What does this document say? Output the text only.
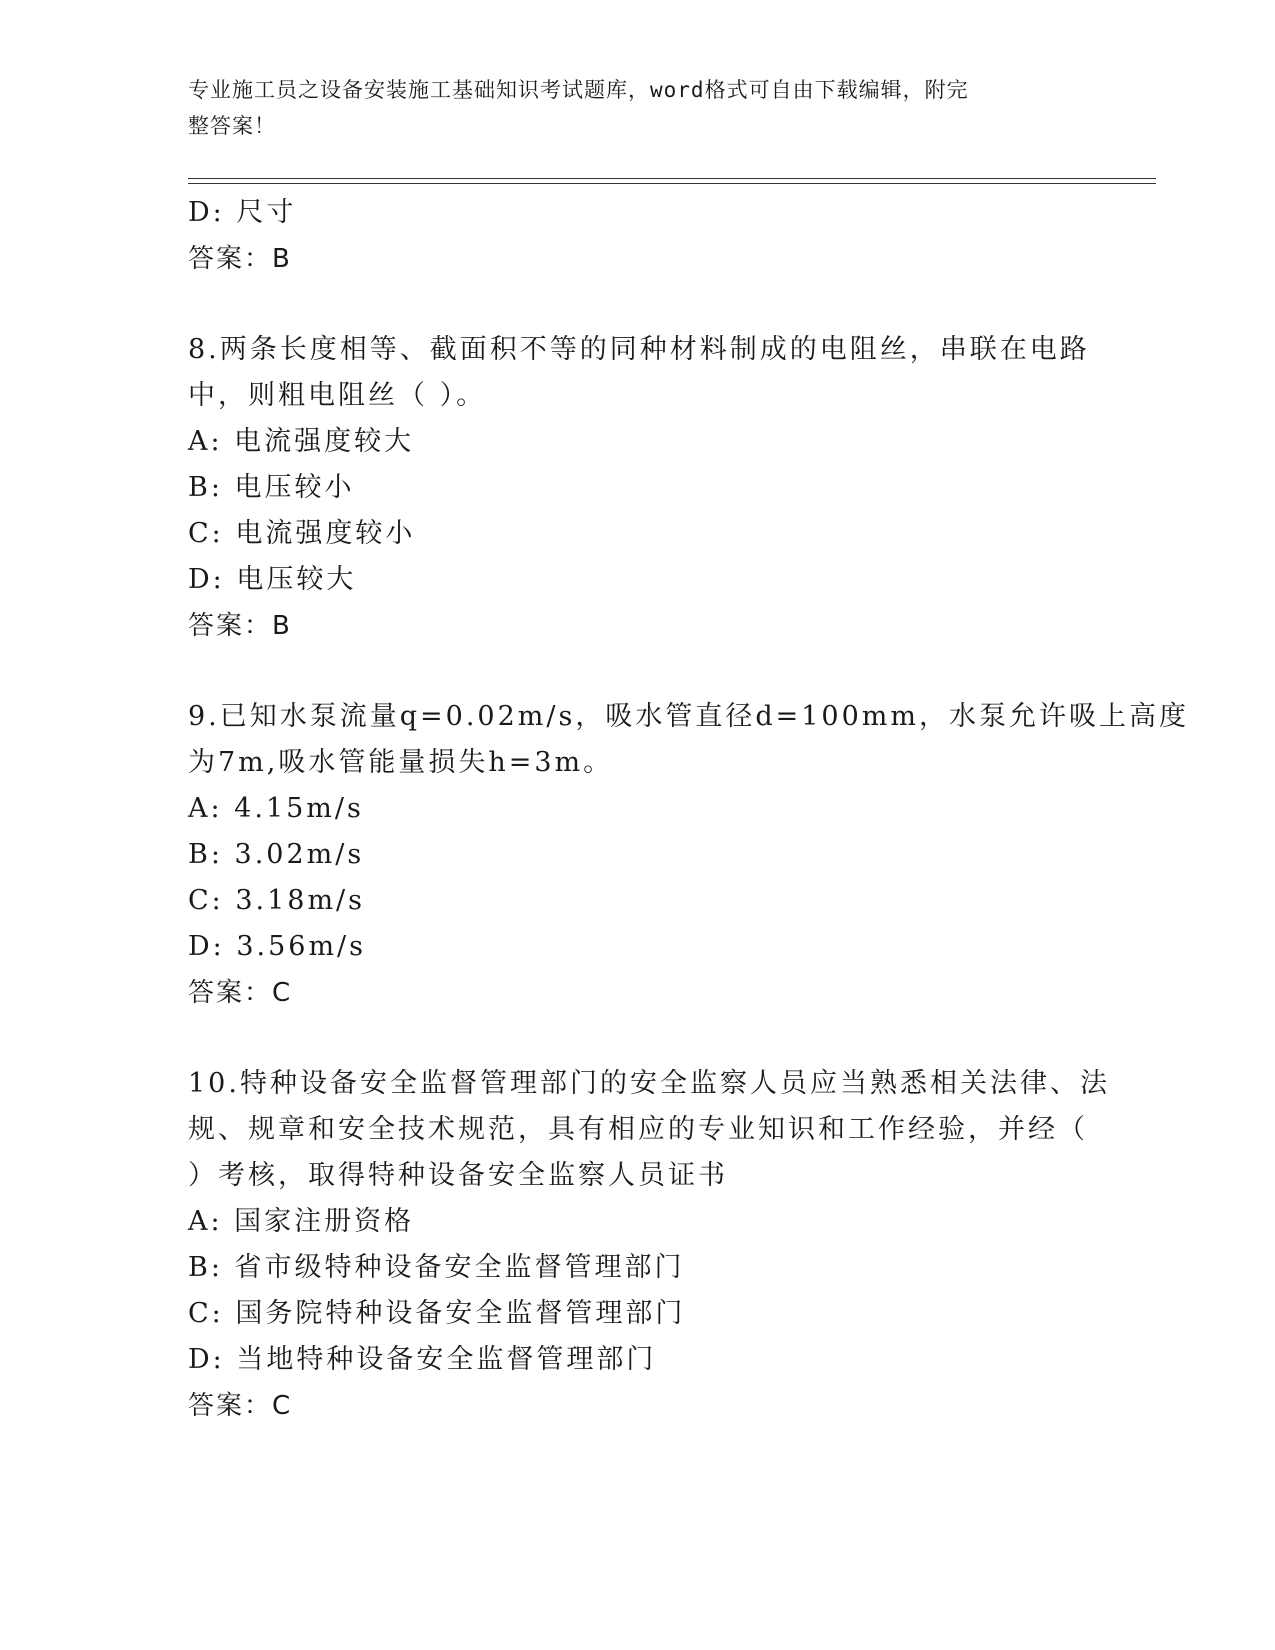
专业施工员之设备安装施工基础知识考试题库，word格式可自由下载编辑，附完
整答案！
D: 尺寸
答案：B
8.两条长度相等、截面积不等的同种材料制成的电阻丝，串联在电路
中，则粗电阻丝（ ）。
A: 电流强度较大
B: 电压较小
C: 电流强度较小
D: 电压较大
答案：B
9.已知水泵流量q=0.02m/s，吸水管直径d=100mm，水泵允许吸上高度
为7m,吸水管能量损失h=3m。
A: 4.15m/s
B: 3.02m/s
C: 3.18m/s
D: 3.56m/s
答案：C
10.特种设备安全监督管理部门的安全监察人员应当熟悉相关法律、法
规、规章和安全技术规范，具有相应的专业知识和工作经验，并经（
）考核，取得特种设备安全监察人员证书
A: 国家注册资格
B: 省市级特种设备安全监督管理部门
C: 国务院特种设备安全监督管理部门
D: 当地特种设备安全监督管理部门
答案：C
